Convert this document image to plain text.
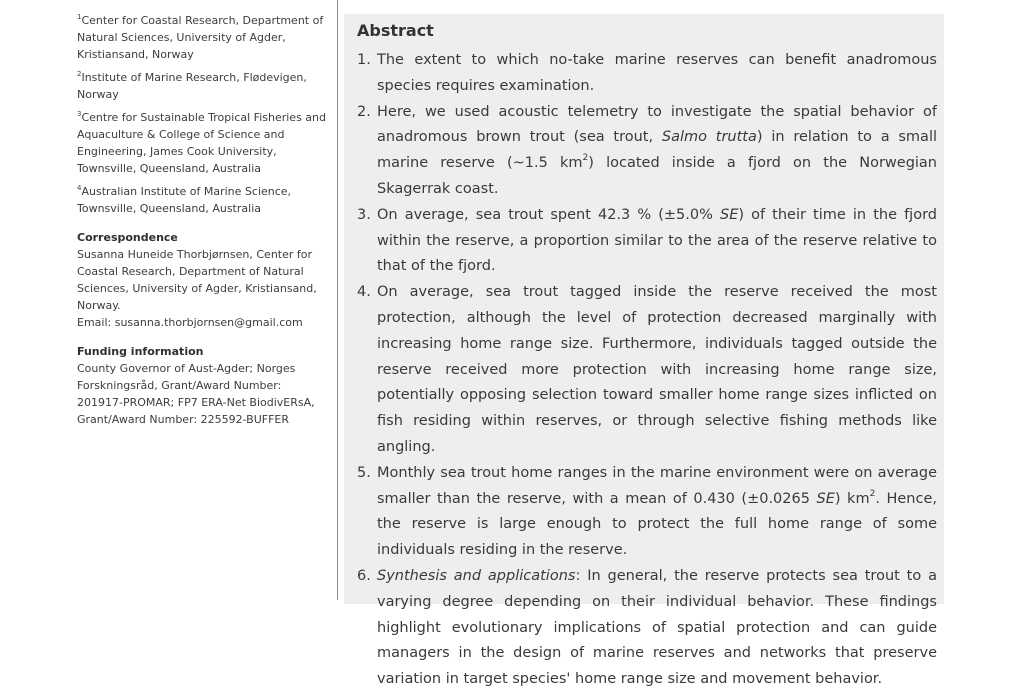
$^1$Center for Coastal Research, Department of Natural Sciences, University of Agder, Kristiansand, Norway
$^2$Institute of Marine Research, Flødevigen, Norway
$^3$Centre for Sustainable Tropical Fisheries and Aquaculture & College of Science and Engineering, James Cook University, Townsville, Queensland, Australia
$^4$Australian Institute of Marine Science, Townsville, Queensland, Australia
Correspondence
Susanna Huneide Thorbjørnsen, Center for Coastal Research, Department of Natural Sciences, University of Agder, Kristiansand, Norway.
Email: susanna.thorbjornsen@gmail.com
Funding information
County Governor of Aust-Agder; Norges Forskningsråd, Grant/Award Number: 201917-PROMAR; FP7 ERA-Net BiodivERsA, Grant/Award Number: 225592-BUFFER
Abstract
1. The extent to which no-take marine reserves can benefit anadromous species requires examination.
2. Here, we used acoustic telemetry to investigate the spatial behavior of anadromous brown trout (sea trout, Salmo trutta) in relation to a small marine reserve (~1.5 $km^2$) located inside a fjord on the Norwegian Skagerrak coast.
3. On average, sea trout spent 42.3 % (±5.0% SE) of their time in the fjord within the reserve, a proportion similar to the area of the reserve relative to that of the fjord.
4. On average, sea trout tagged inside the reserve received the most protection, although the level of protection decreased marginally with increasing home range size. Furthermore, individuals tagged outside the reserve received more protection with increasing home range size, potentially opposing selection toward smaller home range sizes inflicted on fish residing within reserves, or through selective fishing methods like angling.
5. Monthly sea trout home ranges in the marine environment were on average smaller than the reserve, with a mean of 0.430 (±0.0265 SE) $km^2$. Hence, the reserve is large enough to protect the full home range of some individuals residing in the reserve.
6. Synthesis and applications: In general, the reserve protects sea trout to a varying degree depending on their individual behavior. These findings highlight evolutionary implications of spatial protection and can guide managers in the design of marine reserves and networks that preserve variation in target species' home range size and movement behavior.
